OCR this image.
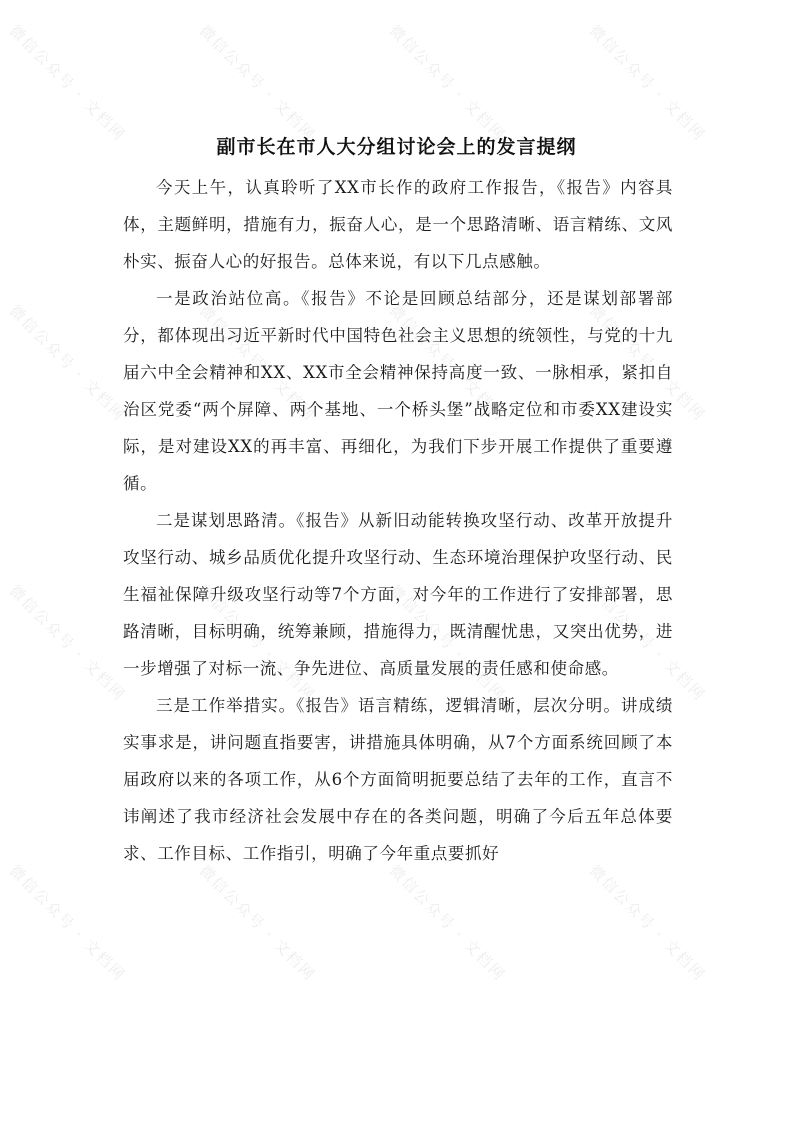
微信公众号 · 文档网	微信公众号 · 文档网	微信公众号 · 文档网	微信公众号 · 文档网
微信公众号 · 文档网	微信公众号 · 文档网	微信公众号 · 文档网	微信公众号 · 文档网
微信公众号 · 文档网	微信公众号 · 文档网	微信公众号 · 文档网	微信公众号 · 文档网
微信公众号 · 文档网	微信公众号 · 文档网	微信公众号 · 文档网	微信公众号 · 文档网
副市长在市人大分组讨论会上的发言提纲

今天上午，认真聆听了XX市长作的政府工作报告，《报告》内容具体，主题鲜明，措施有力，振奋人心，是一个思路清晰、语言精练、文风朴实、振奋人心的好报告。总体来说，有以下几点感触。

一是政治站位高。《报告》不论是回顾总结部分，还是谋划部署部分，都体现出习近平新时代中国特色社会主义思想的统领性，与党的十九届六中全会精神和XX、XX市全会精神保持高度一致、一脉相承，紧扣自治区党委“两个屏障、两个基地、一个桥头堡”战略定位和市委XX建设实际，是对建设XX的再丰富、再细化，为我们下步开展工作提供了重要遵循。

二是谋划思路清。《报告》从新旧动能转换攻坚行动、改革开放提升攻坚行动、城乡品质优化提升攻坚行动、生态环境治理保护攻坚行动、民生福祉保障升级攻坚行动等7个方面，对今年的工作进行了安排部署，思路清晰，目标明确，统筹兼顾，措施得力，既清醒忧患，又突出优势，进一步增强了对标一流、争先进位、高质量发展的责任感和使命感。

三是工作举措实。《报告》语言精练，逻辑清晰，层次分明。讲成绩实事求是，讲问题直指要害，讲措施具体明确，从7个方面系统回顾了本届政府以来的各项工作，从6个方面简明扼要总结了去年的工作，直言不讳阐述了我市经济社会发展中存在的各类问题，明确了今后五年总体要求、工作目标、工作指引，明确了今年重点要抓好
